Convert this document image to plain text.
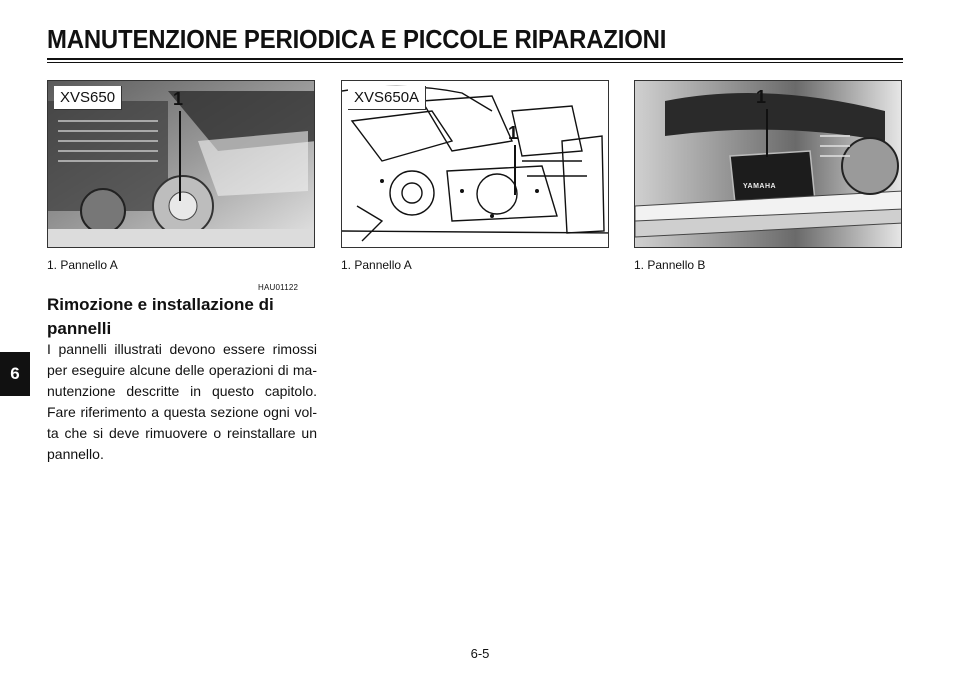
MANUTENZIONE PERIODICA E PICCOLE RIPARAZIONI
6
XVS650	1	XVS650A
1
YAMAHA
1
1. Pannello A	1. Pannello A	1. Pannello B
HAU01122
Rimozione e installazione di pannelli
I pannelli illustrati devono essere rimossi per eseguire alcune delle operazioni di ma-nutenzione descritte in questo capitolo. Fare riferimento a questa sezione ogni vol-ta che si deve rimuovere o reinstallare un pannello.
6-5
